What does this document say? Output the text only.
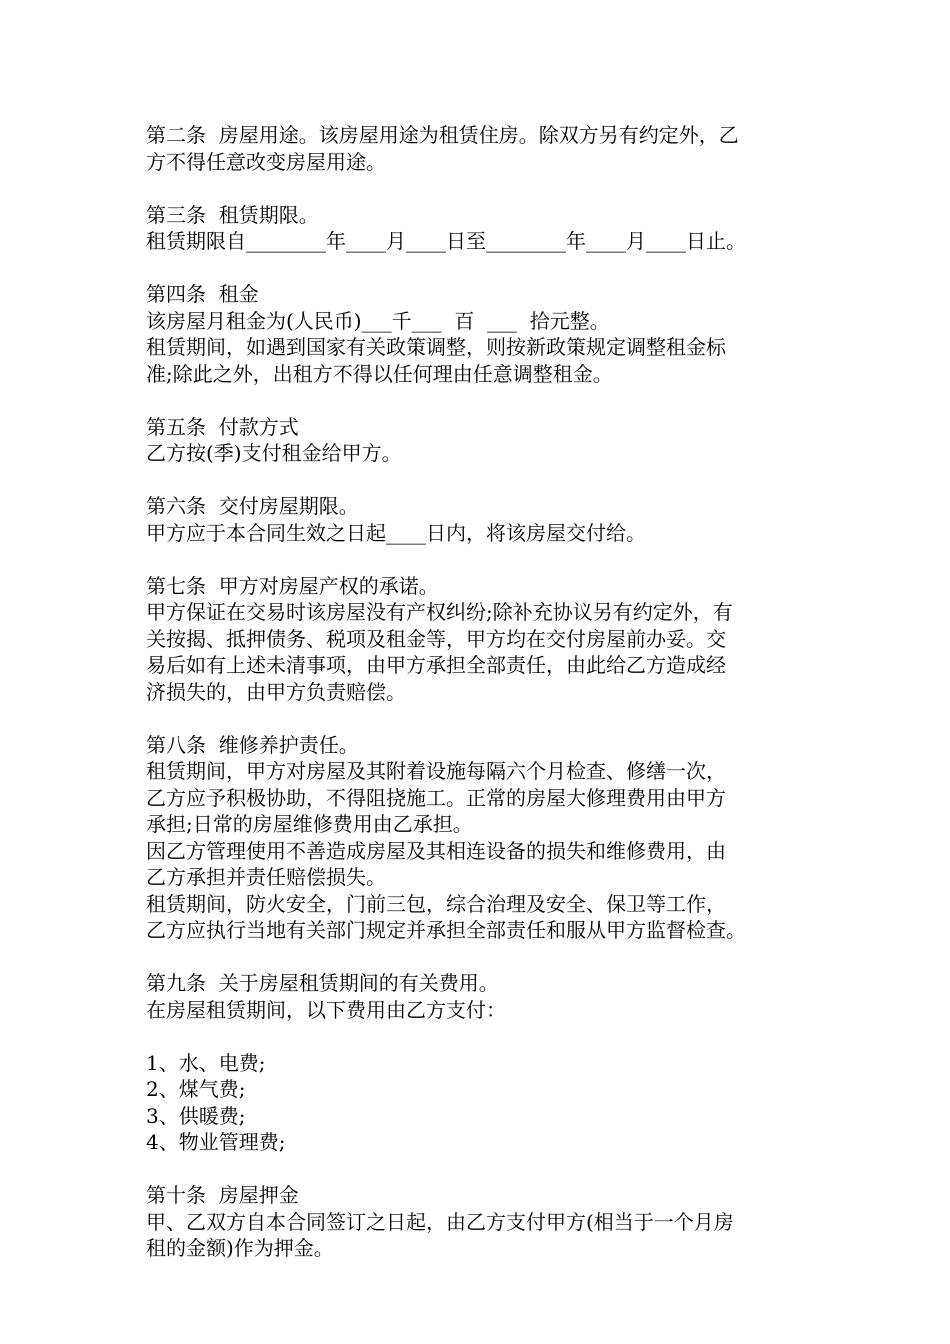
第二条  房屋用途。该房屋用途为租赁住房。除双方另有约定外，乙
方不得任意改变房屋用途。
第三条  租赁期限。
租赁期限自________年____月____日至________年____月____日止。
第四条  租金
该房屋月租金为(人民币)___千___  百  ___  拾元整。
租赁期间，如遇到国家有关政策调整，则按新政策规定调整租金标
准;除此之外，出租方不得以任何理由任意调整租金。
第五条  付款方式
乙方按(季)支付租金给甲方。
第六条  交付房屋期限。
甲方应于本合同生效之日起____日内，将该房屋交付给。
第七条  甲方对房屋产权的承诺。
甲方保证在交易时该房屋没有产权纠纷;除补充协议另有约定外，有
关按揭、抵押债务、税项及租金等，甲方均在交付房屋前办妥。交
易后如有上述未清事项，由甲方承担全部责任，由此给乙方造成经
济损失的，由甲方负责赔偿。
第八条  维修养护责任。
租赁期间，甲方对房屋及其附着设施每隔六个月检查、修缮一次，
乙方应予积极协助，不得阻挠施工。正常的房屋大修理费用由甲方
承担;日常的房屋维修费用由乙承担。
因乙方管理使用不善造成房屋及其相连设备的损失和维修费用，由
乙方承担并责任赔偿损失。
租赁期间，防火安全，门前三包，综合治理及安全、保卫等工作，
乙方应执行当地有关部门规定并承担全部责任和服从甲方监督检查。
第九条  关于房屋租赁期间的有关费用。
在房屋租赁期间，以下费用由乙方支付：
1、水、电费;
2、煤气费;
3、供暖费;
4、物业管理费;
第十条  房屋押金
甲、乙双方自本合同签订之日起，由乙方支付甲方(相当于一个月房
租的金额)作为押金。
